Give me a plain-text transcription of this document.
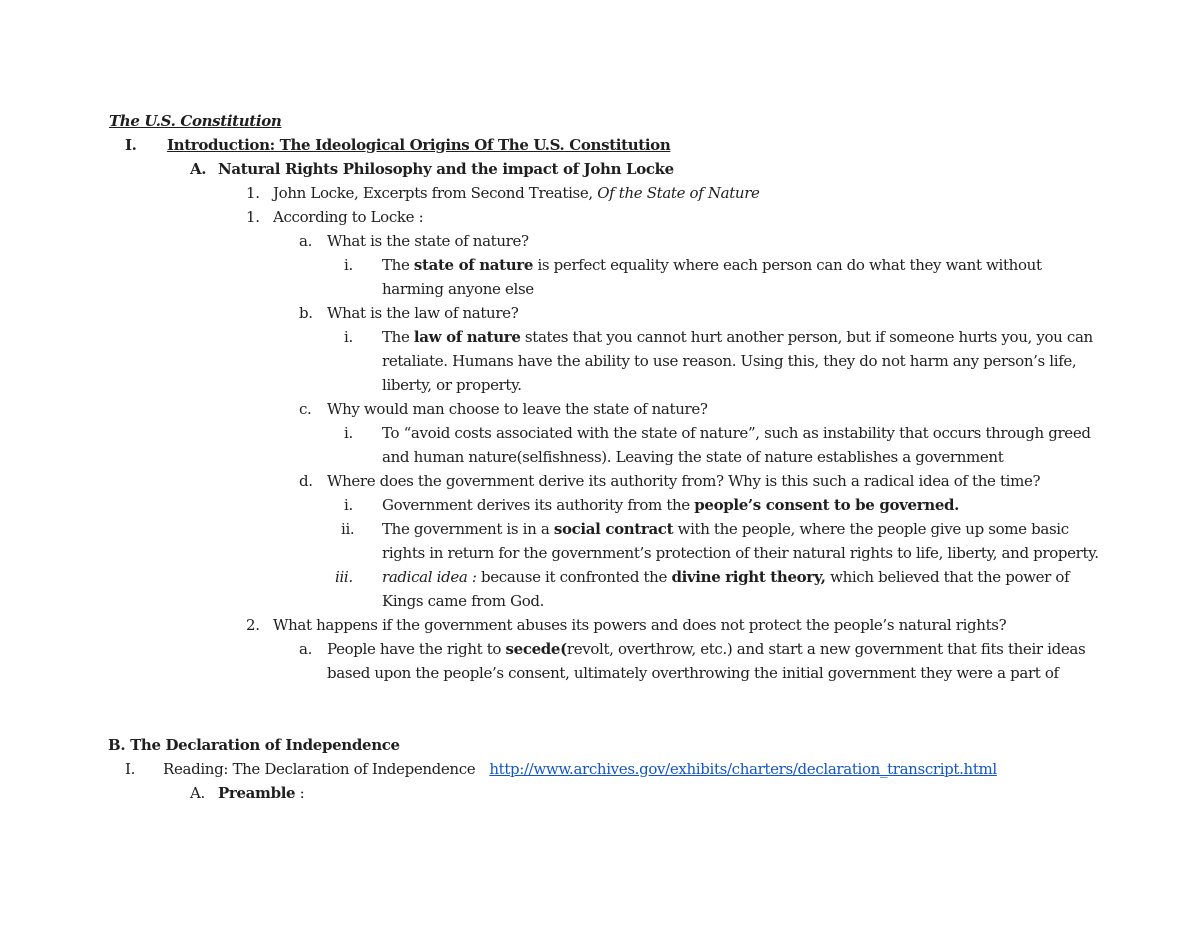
The U.S. Constitution
I. Introduction: The Ideological Origins Of The U.S. Constitution
A. Natural Rights Philosophy and the impact of John Locke
1. John Locke, Excerpts from Second Treatise, Of the State of Nature
1. According to Locke :
a. What is the state of nature?
i. The state of nature is perfect equality where each person can do what they want without
harming anyone else
b. What is the law of nature?
i. The law of nature states that you cannot hurt another person, but if someone hurts you, you can
retaliate. Humans have the ability to use reason. Using this, they do not harm any person’s life,
liberty, or property.
c. Why would man choose to leave the state of nature?
i. To “avoid costs associated with the state of nature”, such as instability that occurs through greed
and human nature(selfishness). Leaving the state of nature establishes a government
d. Where does the government derive its authority from? Why is this such a radical idea of the time?
i. Government derives its authority from the people’s consent to be governed.
ii. The government is in a social contract with the people, where the people give up some basic
rights in return for the government’s protection of their natural rights to life, liberty, and property.
iii. radical idea : because it confronted the divine right theory, which believed that the power of
Kings came from God.
2. What happens if the government abuses its powers and does not protect the people’s natural rights?
a. People have the right to secede(revolt, overthrow, etc.) and start a new government that fits their ideas
based upon the people’s consent, ultimately overthrowing the initial government they were a part of
B. The Declaration of Independence
I. Reading: The Declaration of Independence http://www.archives.gov/exhibits/charters/declaration_transcript.html
A. Preamble :
